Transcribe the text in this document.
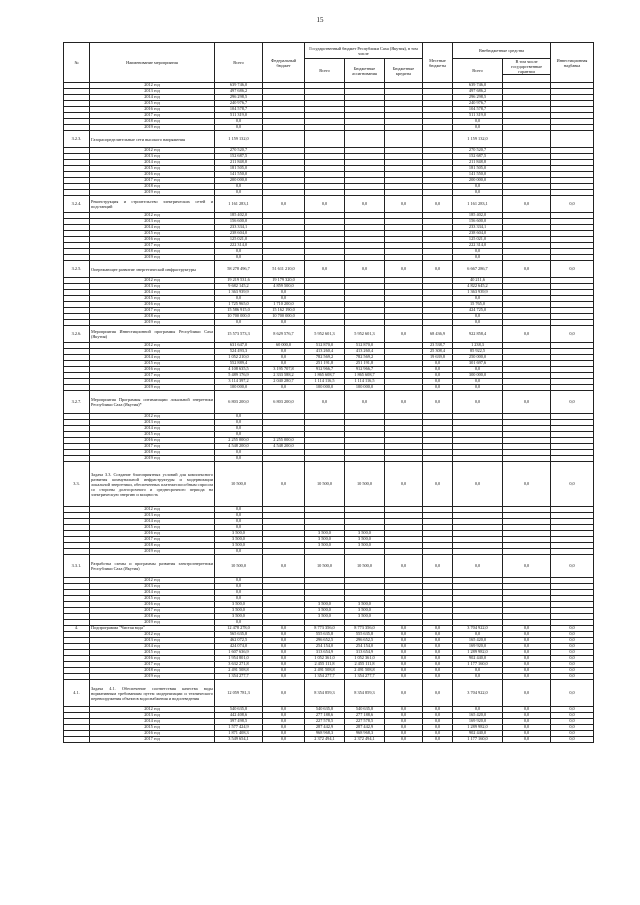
15
№	Наименование мероприятия	Всего	Федеральный бюджет	Государственный бюджет Республики Саха (Якутия), в том числе			Местные бюджеты	Внебюджетные средства		Инвестиционная надбавка
				Всего	Бюджетные ассигнования	Бюджетные кредиты		Всего	В том числе государственные гарантии	

	2012 год	639 746,0						639 746,0		
	2013 год	497 686,2						497 686,2		
	2014 год	296 298,5						296 298,5		
	2015 год	240 976,7						240 976,7		
	2016 год	104 578,7						104 578,7		
	2017 год	511 319,0						511 319,0		
	2018 год	0,0						0,0		
	2019 год	0,0						0,0		
3.2.3.	Газораспределительные сети высокого напряжения	1 159 132,0						1 159 132,0		
	2012 год	270 520,7						270 520,7		
	2013 год	152 687,5						152 687,5		
	2014 год	211 848,8						211 848,8		
	2015 год	181 505,0						181 505,0		
	2016 год	141 550,0						141 550,0		
	2017 год	200 000,0						200 000,0		
	2018 год	0,0						0,0		
	2019 год	0,0						0,0		
3.2.4.	Реконструкция и строительство электрических сетей и подстанций	1 161 283,1	0,0	0,0	0,0	0,0	0,0	1 161 283,1	0,0	0,0
	2012 год	185 402,0						185 402,0		
	2013 год	156 600,0						156 600,0		
	2014 год	233 334,1						233 334,1		
	2015 год	238 604,0						238 604,0		
	2016 год	125 021,0						125 021,0		
	2017 год	222 314,0						222 314,0		
	2018 год	0,0						0,0		
	2019 год	0,0						0,0		
3.2.5.	Опережающее развитие энергетической инфраструктуры	58 278 496,7	51 611 210,0	0,0	0,0	0,0	0,0	6 667 286,7	0,0	0,0
	2012 год	19 219 531,6	19 179 320,0					40 211,6		
	2013 год	9 682 145,2	4 859 500,0					4 822 645,2		
	2014 год	1 363 939,9	0,0					1 363 939,9		
	2015 год	0,0	0,0					0,0		
	2016 год	1 725 965,0	1 710 200,0					15 765,0		
	2017 год	15 586 915,0	15 162 190,0					424 725,0		
	2018 год	10 700 000,0	10 700 000,0					0,0		
	2019 год	0,0	0,0					0,0		
3.2.6.	Мероприятия Инвестиционной программы Республики Саха (Якутия)	15 573 573,3	8 629 576,7	5 952 601,3	5 952 601,3	0,0	68 436,9	922 858,4	0,0	0,0
	2012 год	631 647,0	60 000,0	512 870,0	512 870,0		23 538,7	1 238,3		
	2013 год	524 493,3	0,0	413 260,4	413 260,4		25 308,4	85 922,5		
	2014 год	1 052 210,0	0,0	782 569,2	782 569,2		19 639,8	250 000,0		
	2015 год	552 889,4	0,0	251 191,8	251 191,8		0,0	301 697,6		
	2016 год	4 108 635,5	3 195 707,8	912 966,7	912 966,7		0,0	0,0		
	2017 год	5 489 176,9	2 333 588,2	1 865 608,7	1 865 608,7		0,0	300 000,0		
	2018 год	3 114 397,2	2 040 280,7	1 114 116,5	1 114 116,5		0,0	0,0		
	2019 год	100 000,0	0,0	100 000,0	100 000,0		0,0	0,0		
3.2.7.	Мероприятия Программы оптимизации локальной энергетики Республики Саха (Якутия)*	6 803 200,0	6 803 200,0	0,0	0,0	0,0	0,0	0,0	0,0	0,0
	2012 год	0,0								
	2013 год	0,0								
	2014 год	0,0								
	2015 год	0,0								
	2016 год	2 255 000,0	2 255 000,0							
	2017 год	4 548 200,0	4 548 200,0							
	2018 год	0,0								
	2019 год	0,0								
3.3.	Задача 3.3. Создание благоприятных условий для комплексного развития коммунальной инфраструктуры и модернизации локальной энергетики, обеспеченных платежеспособным спросом со стороны долгосрочного и среднесрочного периода на электрическую энергию и мощность	10 500,0	0,0	10 500,0	10 500,0	0,0	0,0	0,0	0,0	0,0
	2012 год	0,0								
	2013 год	0,0								
	2014 год	0,0								
	2015 год	0,0								
	2016 год	3 500,0		3 500,0	3 500,0					
	2017 год	3 500,0		3 500,0	3 500,0					
	2018 год	3 500,0		3 500,0	3 500,0					
	2019 год	0,0								
3.3.1.	Разработка схемы и программы развития электроэнергетики Республики Саха (Якутия)	10 500,0	0,0	10 500,0	10 500,0	0,0	0,0	0,0	0,0	0,0
	2012 год	0,0								
	2013 год	0,0								
	2014 год	0,0								
	2015 год	0,0								
	2016 год	3 500,0		3 500,0	3 500,0					
	2017 год	3 500,0		3 500,0	3 500,0					
	2018 год	3 500,0		3 500,0	3 500,0					
	2019 год	0,0								
4.	Подпрограмма "Чистая вода"	12 478 278,0	0,0	8 773 356,0	8 773 356,0	0,0	0,0	3 704 922,0	0,0	0,0
	2012 год	565 635,8	0,0	555 635,8	555 635,8	0,0	0,0	0,0	0,0	0,0
	2013 год	462 072,5	0,0	296 652,5	296 652,5	0,0	0,0	165 420,0	0,0	0,0
	2014 год	424 074,0	0,0	254 154,0	254 154,0	0,0	0,0	169 920,0	0,0	0,0
	2015 год	1 607 636,9	0,0	313 654,9	313 654,9	0,0	0,0	1 289 982,0	0,0	0,0
	2016 год	1 954 801,0	0,0	1 052 361,0	1 052 361,0	0,0	0,0	902 440,0	0,0	0,0
	2017 год	3 632 271,8	0,0	2 455 111,8	2 455 111,8	0,0	0,0	1 177 160,0	0,0	0,0
	2018 год	2 491 508,8	0,0	2 491 508,8	2 491 508,8	0,0	0,0	0,0	0,0	0,0
	2019 год	1 354 277,7	0,0	1 354 277,7	1 354 277,7	0,0	0,0	0,0	0,0	0,0
4.1.	Задача 4.1. Обеспечение соответствия качества воды нормативным требованиям путем модернизации и технического перевооружения объектов водоснабжения и водоотведения	12 059 781,3	0,0	8 354 859,3	8 354 859,3	0,0	0,0	3 704 922,0	0,0	0,0
	2012 год	540 635,8	0,0	540 635,8	540 635,8	0,0	0,0	0,0	0,0	0,0
	2013 год	442 408,6	0,0	277 188,6	277 188,6	0,0	0,0	165 420,0	0,0	0,0
	2014 год	397 498,5	0,0	227 578,5	227 578,5	0,0	0,0	169 920,0	0,0	0,0
	2015 год	1 577 424,9	0,0	287 442,9	287 442,9	0,0	0,0	1 289 982,0	0,0	0,0
	2016 год	1 871 408,3	0,0	968 968,3	968 968,3	0,0	0,0	902 440,0	0,0	0,0
	2017 год	3 549 654,1	0,0	2 372 494,1	2 372 494,1	0,0	0,0	1 177 160,0	0,0	0,0
